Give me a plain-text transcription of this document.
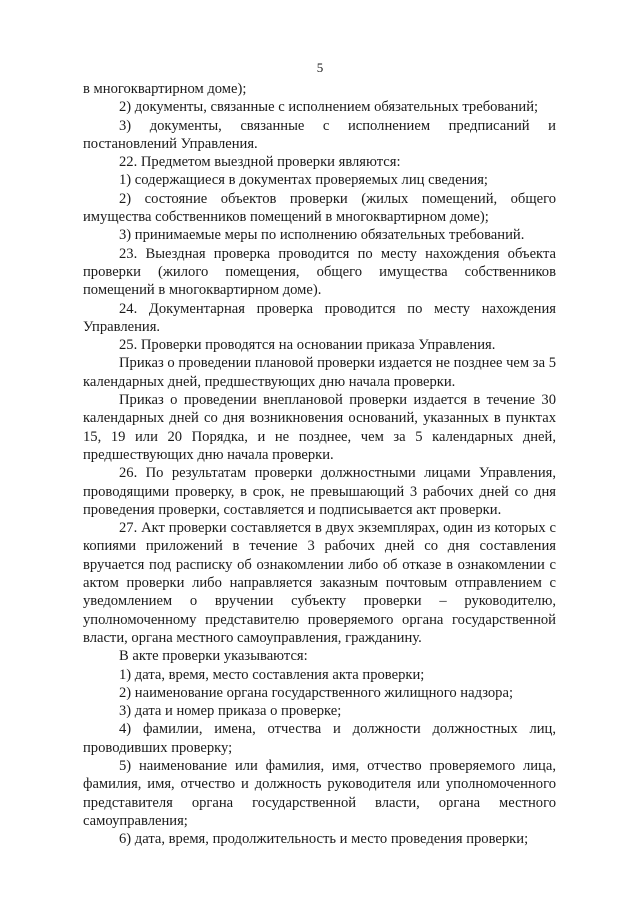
5

в многоквартирном доме);

2) документы, связанные с исполнением обязательных требований;

3) документы, связанные с исполнением предписаний и постановлений Управления.

22. Предметом выездной проверки являются:

1) содержащиеся в документах проверяемых лиц сведения;

2) состояние объектов проверки (жилых помещений, общего имущества собственников помещений в многоквартирном доме);

3) принимаемые меры по исполнению обязательных требований.

23. Выездная проверка проводится по месту нахождения объекта проверки (жилого помещения, общего имущества собственников помещений в многоквартирном доме).

24. Документарная проверка проводится по месту нахождения Управления.

25. Проверки проводятся на основании приказа Управления.

Приказ о проведении плановой проверки издается не позднее чем за 5 календарных дней, предшествующих дню начала проверки.

Приказ о проведении внеплановой проверки издается в течение 30 календарных дней со дня возникновения оснований, указанных в пунктах 15, 19 или 20 Порядка, и не позднее, чем за 5 календарных дней, предшествующих дню начала проверки.

26. По результатам проверки должностными лицами Управления, проводящими проверку, в срок, не превышающий 3 рабочих дней со дня проведения проверки, составляется и подписывается акт проверки.

27. Акт проверки составляется в двух экземплярах, один из которых с копиями приложений в течение 3 рабочих дней со дня составления вручается под расписку об ознакомлении либо об отказе в ознакомлении с актом проверки либо направляется заказным почтовым отправлением с уведомлением о вручении субъекту проверки – руководителю, уполномоченному представителю проверяемого органа государственной власти, органа местного самоуправления, гражданину.

В акте проверки указываются:

1) дата, время, место составления акта проверки;

2) наименование органа государственного жилищного надзора;

3) дата и номер приказа о проверке;

4) фамилии, имена, отчества и должности должностных лиц, проводивших проверку;

5) наименование или фамилия, имя, отчество проверяемого лица, фамилия, имя, отчество и должность руководителя или уполномоченного представителя органа государственной власти, органа местного самоуправления;

6) дата, время, продолжительность и место проведения проверки;
